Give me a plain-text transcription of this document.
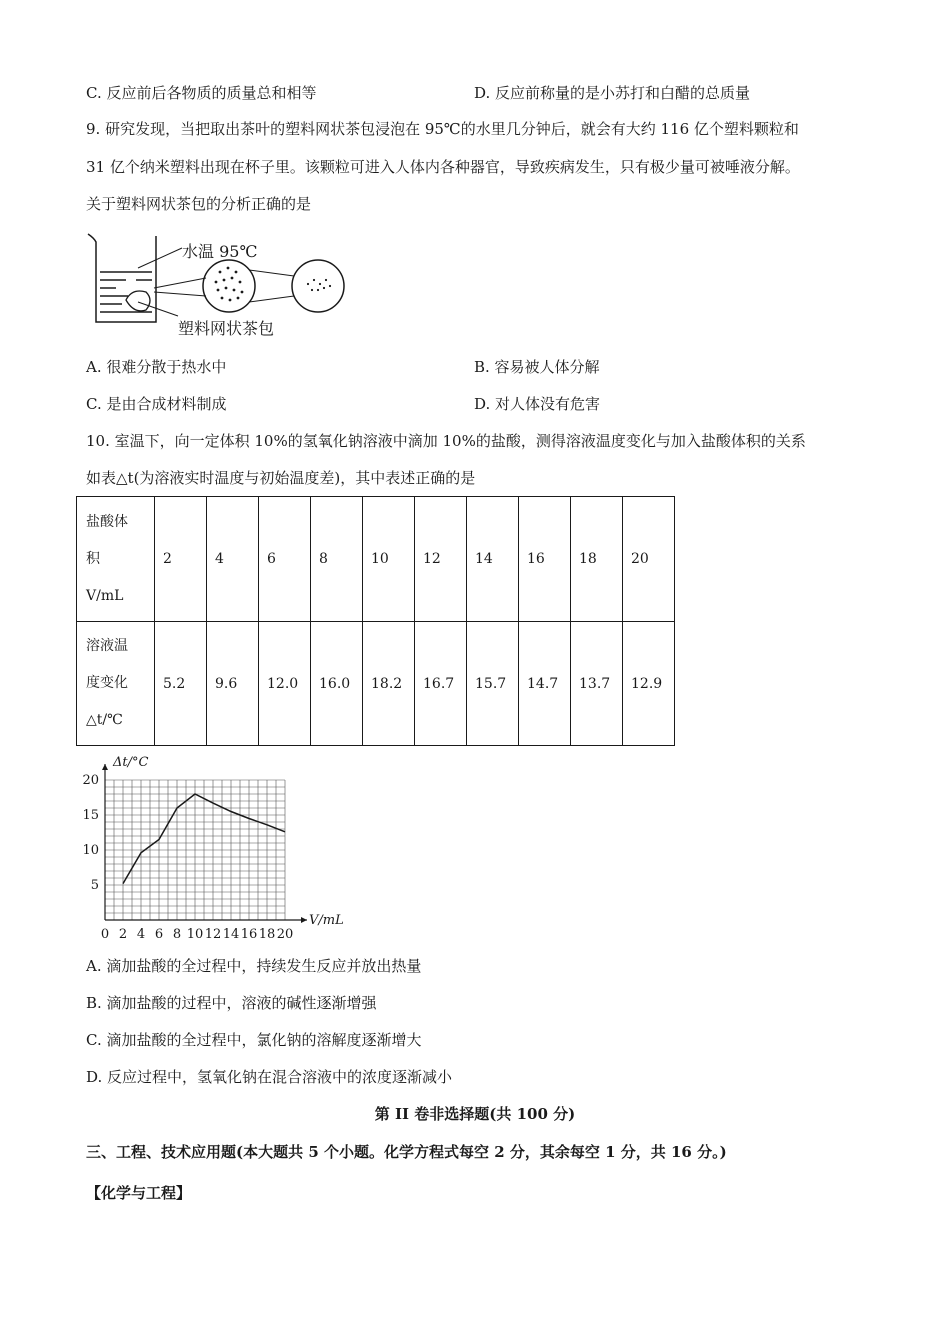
C. 反应前后各物质的质量总和相等	D. 反应前称量的是小苏打和白醋的总质量
9. 研究发现，当把取出茶叶的塑料网状茶包浸泡在 95℃的水里几分钟后，就会有大约 116 亿个塑料颗粒和
31 亿个纳米塑料出现在杯子里。该颗粒可进入人体内各种器官，导致疾病发生，只有极少量可被唾液分解。
关于塑料网状茶包的分析正确的是
水温 95℃
塑料网状茶包
A. 很难分散于热水中	B. 容易被人体分解
C. 是由合成材料制成	D. 对人体没有危害
10. 室温下，向一定体积 10%的氢氧化钠溶液中滴加 10%的盐酸，测得溶液温度变化与加入盐酸体积的关系
如表△t(为溶液实时温度与初始温度差)，其中表述正确的是
盐酸体
积
V/mL	2	4	6	8	10	12	14	16	18	20

溶液温
度变化
△t/℃	5.2	9.6	12.0	16.0	18.2	16.7	15.7	14.7	13.7	12.9
0 2 4 6 8 10 12 14 16 18 20
5
10
15
20
Δt/°C
V/mL
A. 滴加盐酸的全过程中，持续发生反应并放出热量
B. 滴加盐酸的过程中，溶液的碱性逐渐增强
C. 滴加盐酸的全过程中，氯化钠的溶解度逐渐增大
D. 反应过程中，氢氧化钠在混合溶液中的浓度逐渐减小
第 II 卷非选择题(共 100 分)
三、工程、技术应用题(本大题共 5 个小题。化学方程式每空 2 分，其余每空 1 分，共 16 分。)
【化学与工程】
